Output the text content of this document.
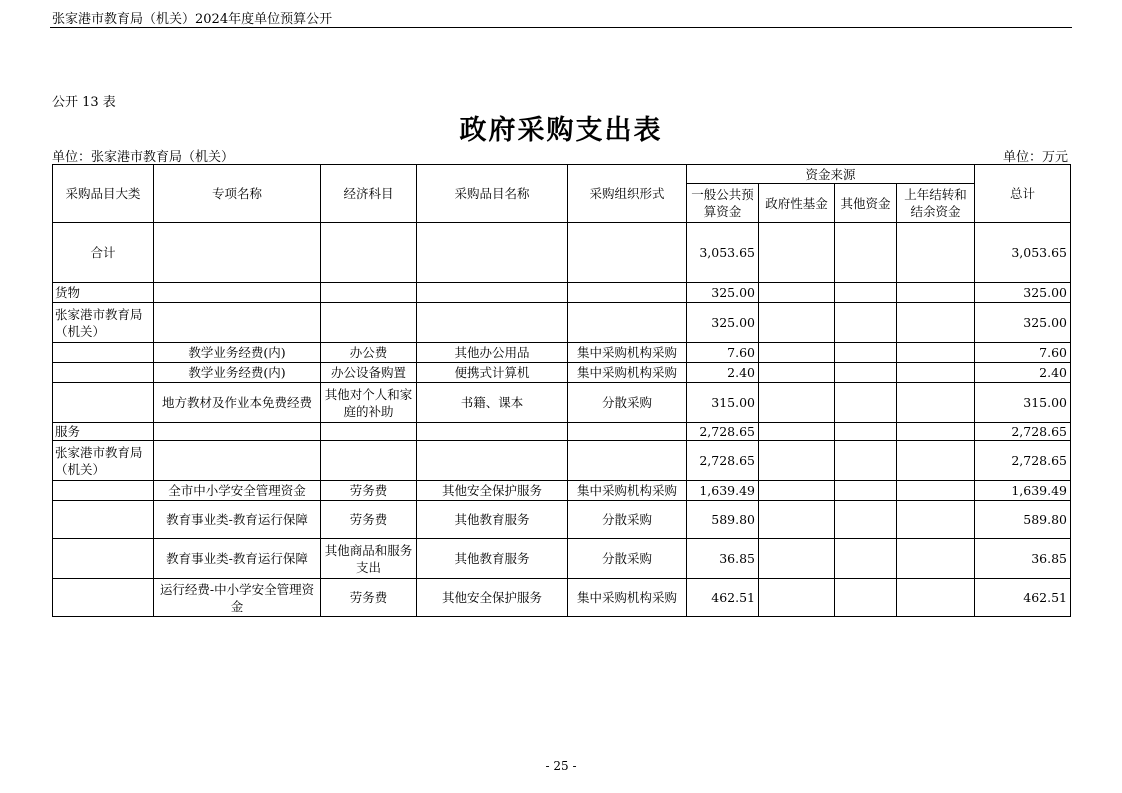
张家港市教育局（机关）2024年度单位预算公开
公开 13 表
政府采购支出表
单位：张家港市教育局（机关）	单位：万元
采购品目大类	专项名称	经济科目	采购品目名称	采购组织形式	资金来源				总计
					一般公共预算资金	政府性基金	其他资金	上年结转和结余资金	
合计					3,053.65				3,053.65
货物					325.00				325.00
张家港市教育局（机关）					325.00				325.00
	教学业务经费(内)	办公费	其他办公用品	集中采购机构采购	7.60				7.60
	教学业务经费(内)	办公设备购置	便携式计算机	集中采购机构采购	2.40				2.40
	地方教材及作业本免费经费	其他对个人和家庭的补助	书籍、课本	分散采购	315.00				315.00
服务					2,728.65				2,728.65
张家港市教育局（机关）					2,728.65				2,728.65
	全市中小学安全管理资金	劳务费	其他安全保护服务	集中采购机构采购	1,639.49				1,639.49
	教育事业类-教育运行保障	劳务费	其他教育服务	分散采购	589.80				589.80
	教育事业类-教育运行保障	其他商品和服务支出	其他教育服务	分散采购	36.85				36.85
	运行经费-中小学安全管理资金	劳务费	其他安全保护服务	集中采购机构采购	462.51				462.51
- 25 -
